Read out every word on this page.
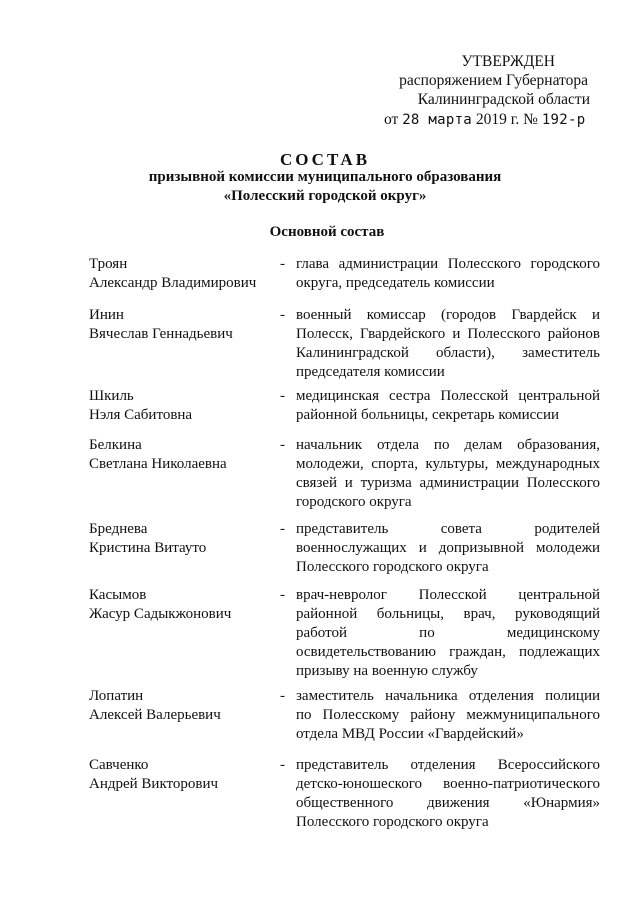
УТВЕРЖДЕН
распоряжением Губернатора
Калининградской области
от 28 марта 2019 г. № 192-р
СОСТАВ
призывной комиссии муниципального образования
«Полесский городской округ»
Основной состав
Троян
Александр Владимирович
- глава администрации Полесского городского
округа, председатель комиссии
Инин
Вячеслав Геннадьевич
- военный комиссар (городов Гвардейск и
Полесск, Гвардейского и Полесского районов
Калининградской области), заместитель
председателя комиссии
Шкиль
Нэля Сабитовна
- медицинская сестра Полесской центральной
районной больницы, секретарь комиссии
Белкина
Светлана Николаевна
- начальник отдела по делам образования,
молодежи, спорта, культуры, международных
связей и туризма администрации Полесского
городского округа
Бреднева
Кристина Витауто
- представитель совета родителей
военнослужащих и допризывной молодежи
Полесского городского округа
Касымов
Жасур Садыкжонович
- врач-невролог Полесской центральной
районной больницы, врач, руководящий
работой по медицинскому
освидетельствованию граждан, подлежащих
призыву на военную службу
Лопатин
Алексей Валерьевич
- заместитель начальника отделения полиции
по Полесскому району межмуниципального
отдела МВД России «Гвардейский»
Савченко
Андрей Викторович
- представитель отделения Всероссийского
детско-юношеского военно-патриотического
общественного движения «Юнармия»
Полесского городского округа
